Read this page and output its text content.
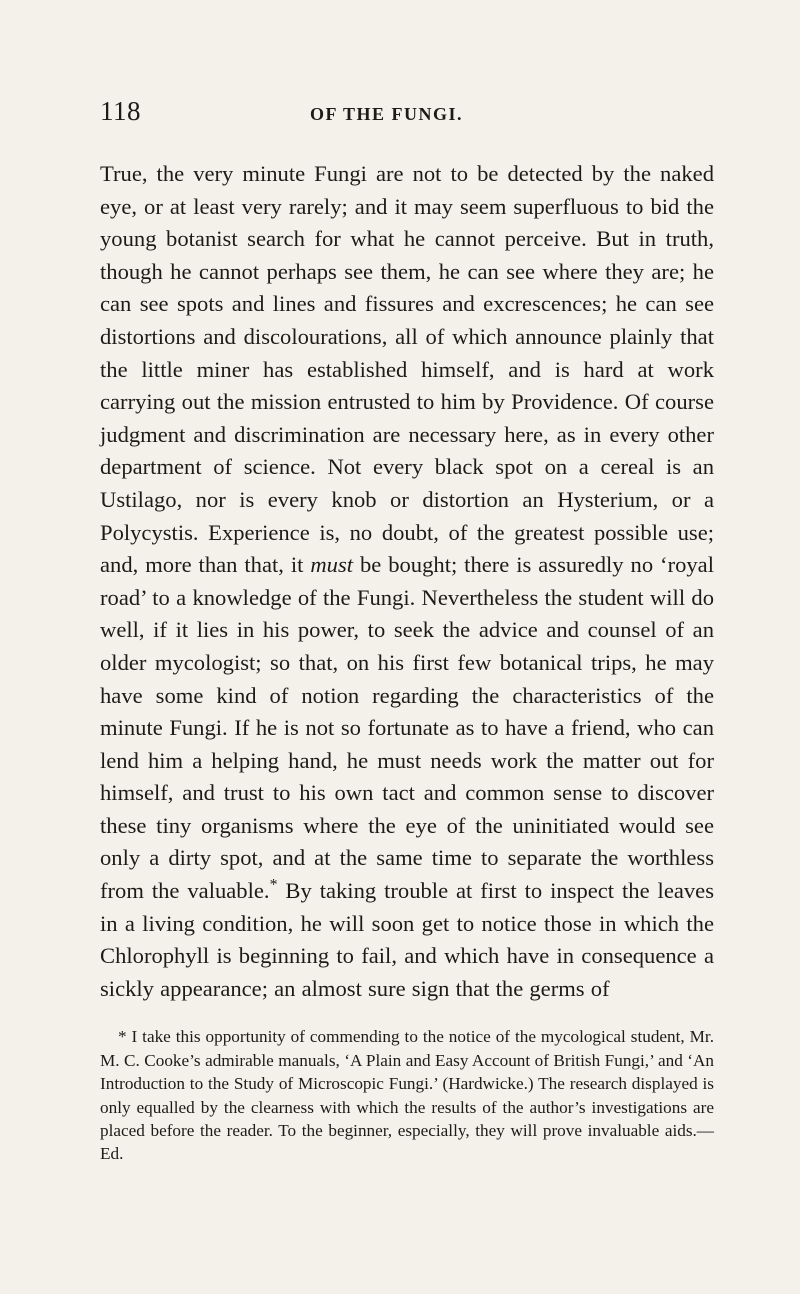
118	OF THE FUNGI.

True, the very minute Fungi are not to be detected by the naked eye, or at least very rarely; and it may seem superfluous to bid the young botanist search for what he cannot perceive. But in truth, though he cannot perhaps see them, he can see where they are; he can see spots and lines and fissures and excrescences; he can see distortions and discolourations, all of which announce plainly that the little miner has established himself, and is hard at work carrying out the mission entrusted to him by Providence. Of course judgment and discrimination are necessary here, as in every other department of science. Not every black spot on a cereal is an Ustilago, nor is every knob or distortion an Hysterium, or a Polycystis. Experience is, no doubt, of the greatest possible use; and, more than that, it must be bought; there is assuredly no ‘royal road’ to a knowledge of the Fungi. Nevertheless the student will do well, if it lies in his power, to seek the advice and counsel of an older mycologist; so that, on his first few botanical trips, he may have some kind of notion regarding the characteristics of the minute Fungi. If he is not so fortunate as to have a friend, who can lend him a helping hand, he must needs work the matter out for himself, and trust to his own tact and common sense to discover these tiny organisms where the eye of the uninitiated would see only a dirty spot, and at the same time to separate the worthless from the valuable.* By taking trouble at first to inspect the leaves in a living condition, he will soon get to notice those in which the Chlorophyll is beginning to fail, and which have in consequence a sickly appearance; an almost sure sign that the germs of

* I take this opportunity of commending to the notice of the mycological student, Mr. M. C. Cooke’s admirable manuals, ‘A Plain and Easy Account of British Fungi,’ and ‘An Introduction to the Study of Microscopic Fungi.’ (Hardwicke.) The research displayed is only equalled by the clearness with which the results of the author’s investigations are placed before the reader. To the beginner, especially, they will prove invaluable aids.—Ed.
